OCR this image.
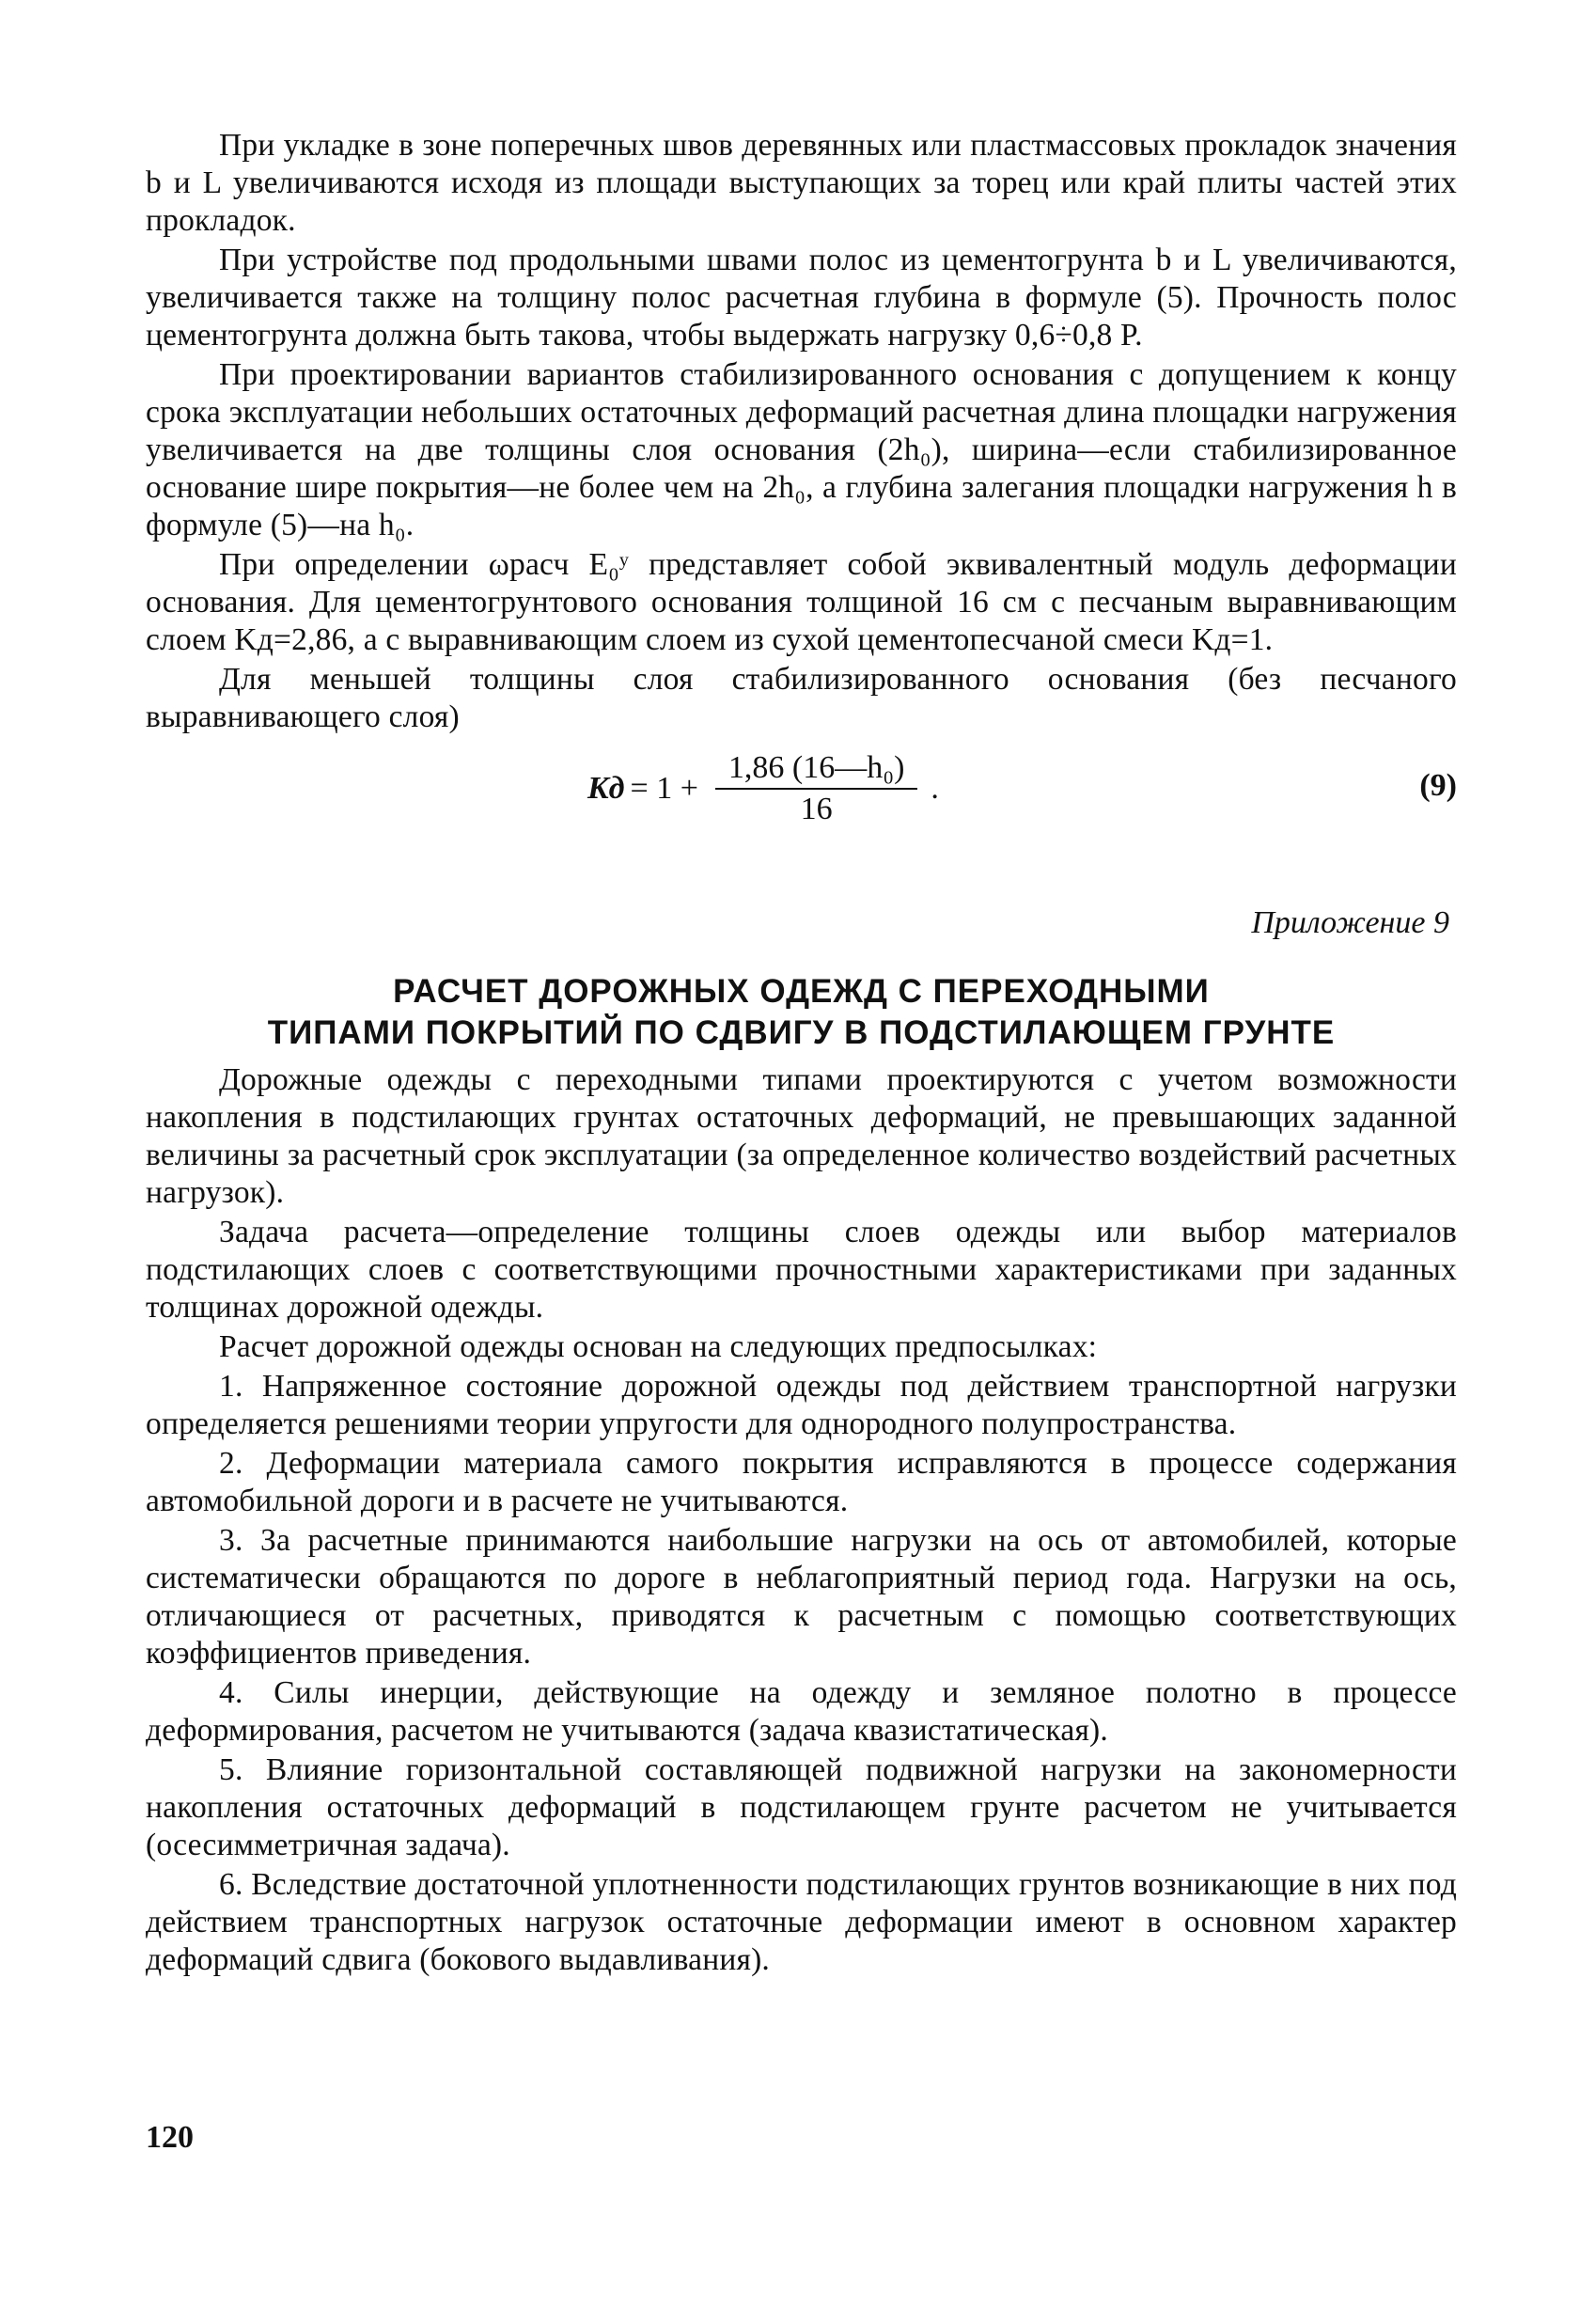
При укладке в зоне поперечных швов деревянных или пластмассовых прокладок значения b и L увеличиваются исходя из площади выступающих за торец или край плиты частей этих прокладок.

При устройстве под продольными швами полос из цементогрунта b и L увеличиваются, увеличивается также на толщину полос расчетная глубина в формуле (5). Прочность полос цементогрунта должна быть такова, чтобы выдержать нагрузку 0,6÷0,8 P.

При проектировании вариантов стабилизированного основания с допущением к концу срока эксплуатации небольших остаточных деформаций расчетная длина площадки нагружения увеличивается на две толщины слоя основания (2h₀), ширина—если стабилизированное основание шире покрытия—не более чем на 2h₀, а глубина залегания площадки нагружения h в формуле (5)—на h₀.

При определении ωрасч E₀ʸ представляет собой эквивалентный модуль деформации основания. Для цементогрунтового основания толщиной 16 см с песчаным выравнивающим слоем Kд=2,86, а с выравнивающим слоем из сухой цементопесчаной смеси Kд=1.

Для меньшей толщины слоя стабилизированного основания (без песчаного выравнивающего слоя)

Kд = $1 + \frac{\text{1,86 (16—h₀)}}{16}$ .	(9)
Приложение 9
РАСЧЕТ ДОРОЖНЫХ ОДЕЖД С ПЕРЕХОДНЫМИ
ТИПАМИ ПОКРЫТИЙ ПО СДВИГУ В ПОДСТИЛАЮЩЕМ ГРУНТЕ

Дорожные одежды с переходными типами проектируются с учетом возможности накопления в подстилающих грунтах остаточных деформаций, не превышающих заданной величины за расчетный срок эксплуатации (за определенное количество воздействий расчетных нагрузок).

Задача расчета—определение толщины слоев одежды или выбор материалов подстилающих слоев с соответствующими прочностными характеристиками при заданных толщинах дорожной одежды.

Расчет дорожной одежды основан на следующих предпосылках:

1. Напряженное состояние дорожной одежды под действием транспортной нагрузки определяется решениями теории упругости для однородного полупространства.

2. Деформации материала самого покрытия исправляются в процессе содержания автомобильной дороги и в расчете не учитываются.

3. За расчетные принимаются наибольшие нагрузки на ось от автомобилей, которые систематически обращаются по дороге в неблагоприятный период года. Нагрузки на ось, отличающиеся от расчетных, приводятся к расчетным с помощью соответствующих коэффициентов приведения.

4. Силы инерции, действующие на одежду и земляное полотно в процессе деформирования, расчетом не учитываются (задача квазистатическая).

5. Влияние горизонтальной составляющей подвижной нагрузки на закономерности накопления остаточных деформаций в подстилающем грунте расчетом не учитывается (осесимметричная задача).

6. Вследствие достаточной уплотненности подстилающих грунтов возникающие в них под действием транспортных нагрузок остаточные деформации имеют в основном характер деформаций сдвига (бокового выдавливания).

120
